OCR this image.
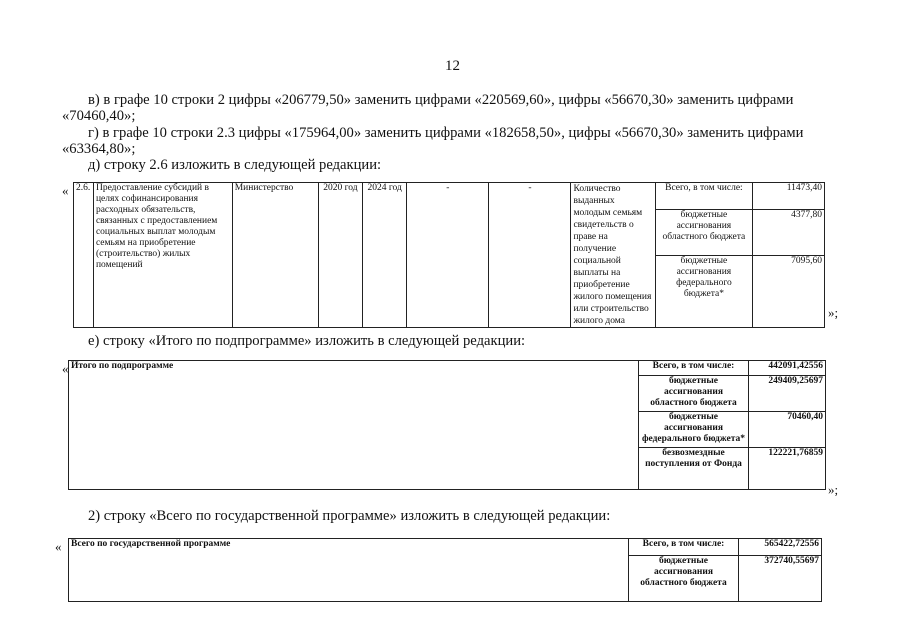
12
в) в графе 10 строки 2 цифры «206779,50» заменить цифрами «220569,60», цифры «56670,30» заменить цифрами
«70460,40»;
г) в графе 10 строки 2.3 цифры «175964,00» заменить цифрами «182658,50», цифры «56670,30» заменить цифрами
«63364,80»;
д) строку 2.6 изложить в следующей редакции:
« 2.6.	Предоставление субсидий в целях софинансирования расходных обязательств, связанных с предоставлением социальных выплат молодым семьям на приобретение (строительство) жилых помещений	Министерство	2020 год	2024 год	-	-	Количество выданных молодым семьям свидетельств о праве на получение социальной выплаты на приобретение жилого помещения или строительство жилого дома	Всего, в том числе:	11473,40
								бюджетные ассигнования областного бюджета	4377,80
								бюджетные ассигнования федерального бюджета*	7095,60
»;
е) строку «Итого по подпрограмме» изложить в следующей редакции:
« Итого по подпрограмме	Всего, в том числе:	442091,42556
	бюджетные ассигнования областного бюджета	249409,25697
	бюджетные ассигнования федерального бюджета*	70460,40
	безвозмездные поступления от Фонда	122221,76859
»;
2) строку «Всего по государственной программе» изложить в следующей редакции:
« Всего по государственной программе	Всего, в том числе:	565422,72556
	бюджетные ассигнования областного бюджета	372740,55697
